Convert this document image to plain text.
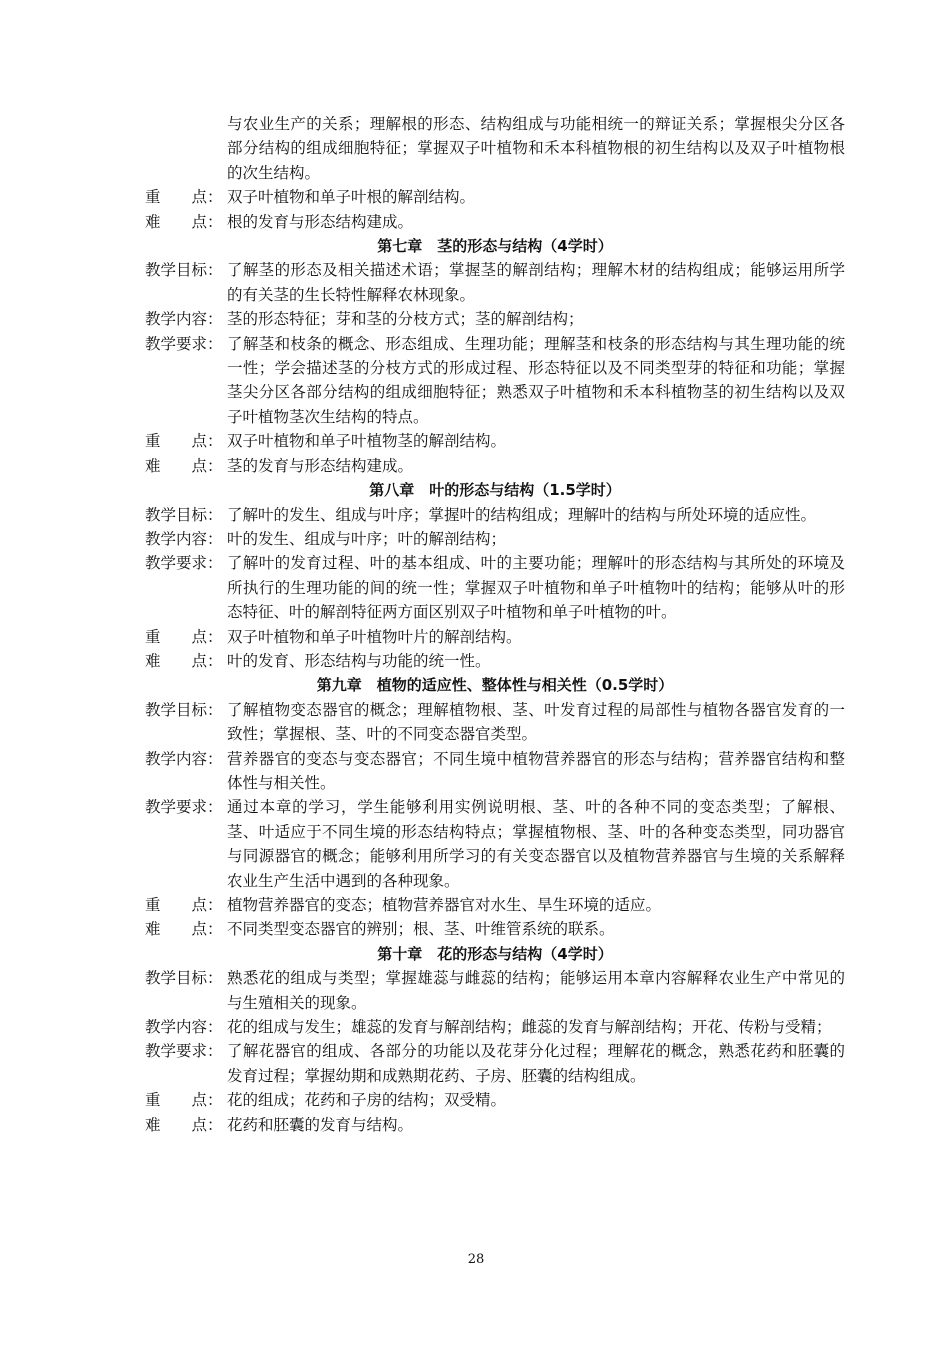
与农业生产的关系；理解根的形态、结构组成与功能相统一的辩证关系；掌握根尖分区各部分结构的组成细胞特征；掌握双子叶植物和禾本科植物根的初生结构以及双子叶植物根的次生结构。
重　　点： 双子叶植物和单子叶根的解剖结构。
难　　点： 根的发育与形态结构建成。
第七章　茎的形态与结构（4学时）
教学目标： 了解茎的形态及相关描述术语；掌握茎的解剖结构；理解木材的结构组成；能够运用所学的有关茎的生长特性解释农林现象。
教学内容： 茎的形态特征；芽和茎的分枝方式；茎的解剖结构；
教学要求： 了解茎和枝条的概念、形态组成、生理功能；理解茎和枝条的形态结构与其生理功能的统一性；学会描述茎的分枝方式的形成过程、形态特征以及不同类型芽的特征和功能；掌握茎尖分区各部分结构的组成细胞特征；熟悉双子叶植物和禾本科植物茎的初生结构以及双子叶植物茎次生结构的特点。
重　　点： 双子叶植物和单子叶植物茎的解剖结构。
难　　点： 茎的发育与形态结构建成。
第八章　叶的形态与结构（1.5学时）
教学目标： 了解叶的发生、组成与叶序；掌握叶的结构组成；理解叶的结构与所处环境的适应性。
教学内容： 叶的发生、组成与叶序；叶的解剖结构；
教学要求： 了解叶的发育过程、叶的基本组成、叶的主要功能；理解叶的形态结构与其所处的环境及所执行的生理功能的间的统一性；掌握双子叶植物和单子叶植物叶的结构；能够从叶的形态特征、叶的解剖特征两方面区别双子叶植物和单子叶植物的叶。
重　　点： 双子叶植物和单子叶植物叶片的解剖结构。
难　　点： 叶的发育、形态结构与功能的统一性。
第九章　植物的适应性、整体性与相关性（0.5学时）
教学目标： 了解植物变态器官的概念；理解植物根、茎、叶发育过程的局部性与植物各器官发育的一致性；掌握根、茎、叶的不同变态器官类型。
教学内容： 营养器官的变态与变态器官；不同生境中植物营养器官的形态与结构；营养器官结构和整体性与相关性。
教学要求： 通过本章的学习，学生能够利用实例说明根、茎、叶的各种不同的变态类型；了解根、茎、叶适应于不同生境的形态结构特点；掌握植物根、茎、叶的各种变态类型，同功器官与同源器官的概念；能够利用所学习的有关变态器官以及植物营养器官与生境的关系解释农业生产生活中遇到的各种现象。
重　　点： 植物营养器官的变态；植物营养器官对水生、旱生环境的适应。
难　　点： 不同类型变态器官的辨别；根、茎、叶维管系统的联系。
第十章　花的形态与结构（4学时）
教学目标： 熟悉花的组成与类型；掌握雄蕊与雌蕊的结构；能够运用本章内容解释农业生产中常见的与生殖相关的现象。
教学内容： 花的组成与发生；雄蕊的发育与解剖结构；雌蕊的发育与解剖结构；开花、传粉与受精；
教学要求： 了解花器官的组成、各部分的功能以及花芽分化过程；理解花的概念，熟悉花药和胚囊的发育过程；掌握幼期和成熟期花药、子房、胚囊的结构组成。
重　　点： 花的组成；花药和子房的结构；双受精。
难　　点： 花药和胚囊的发育与结构。
28
